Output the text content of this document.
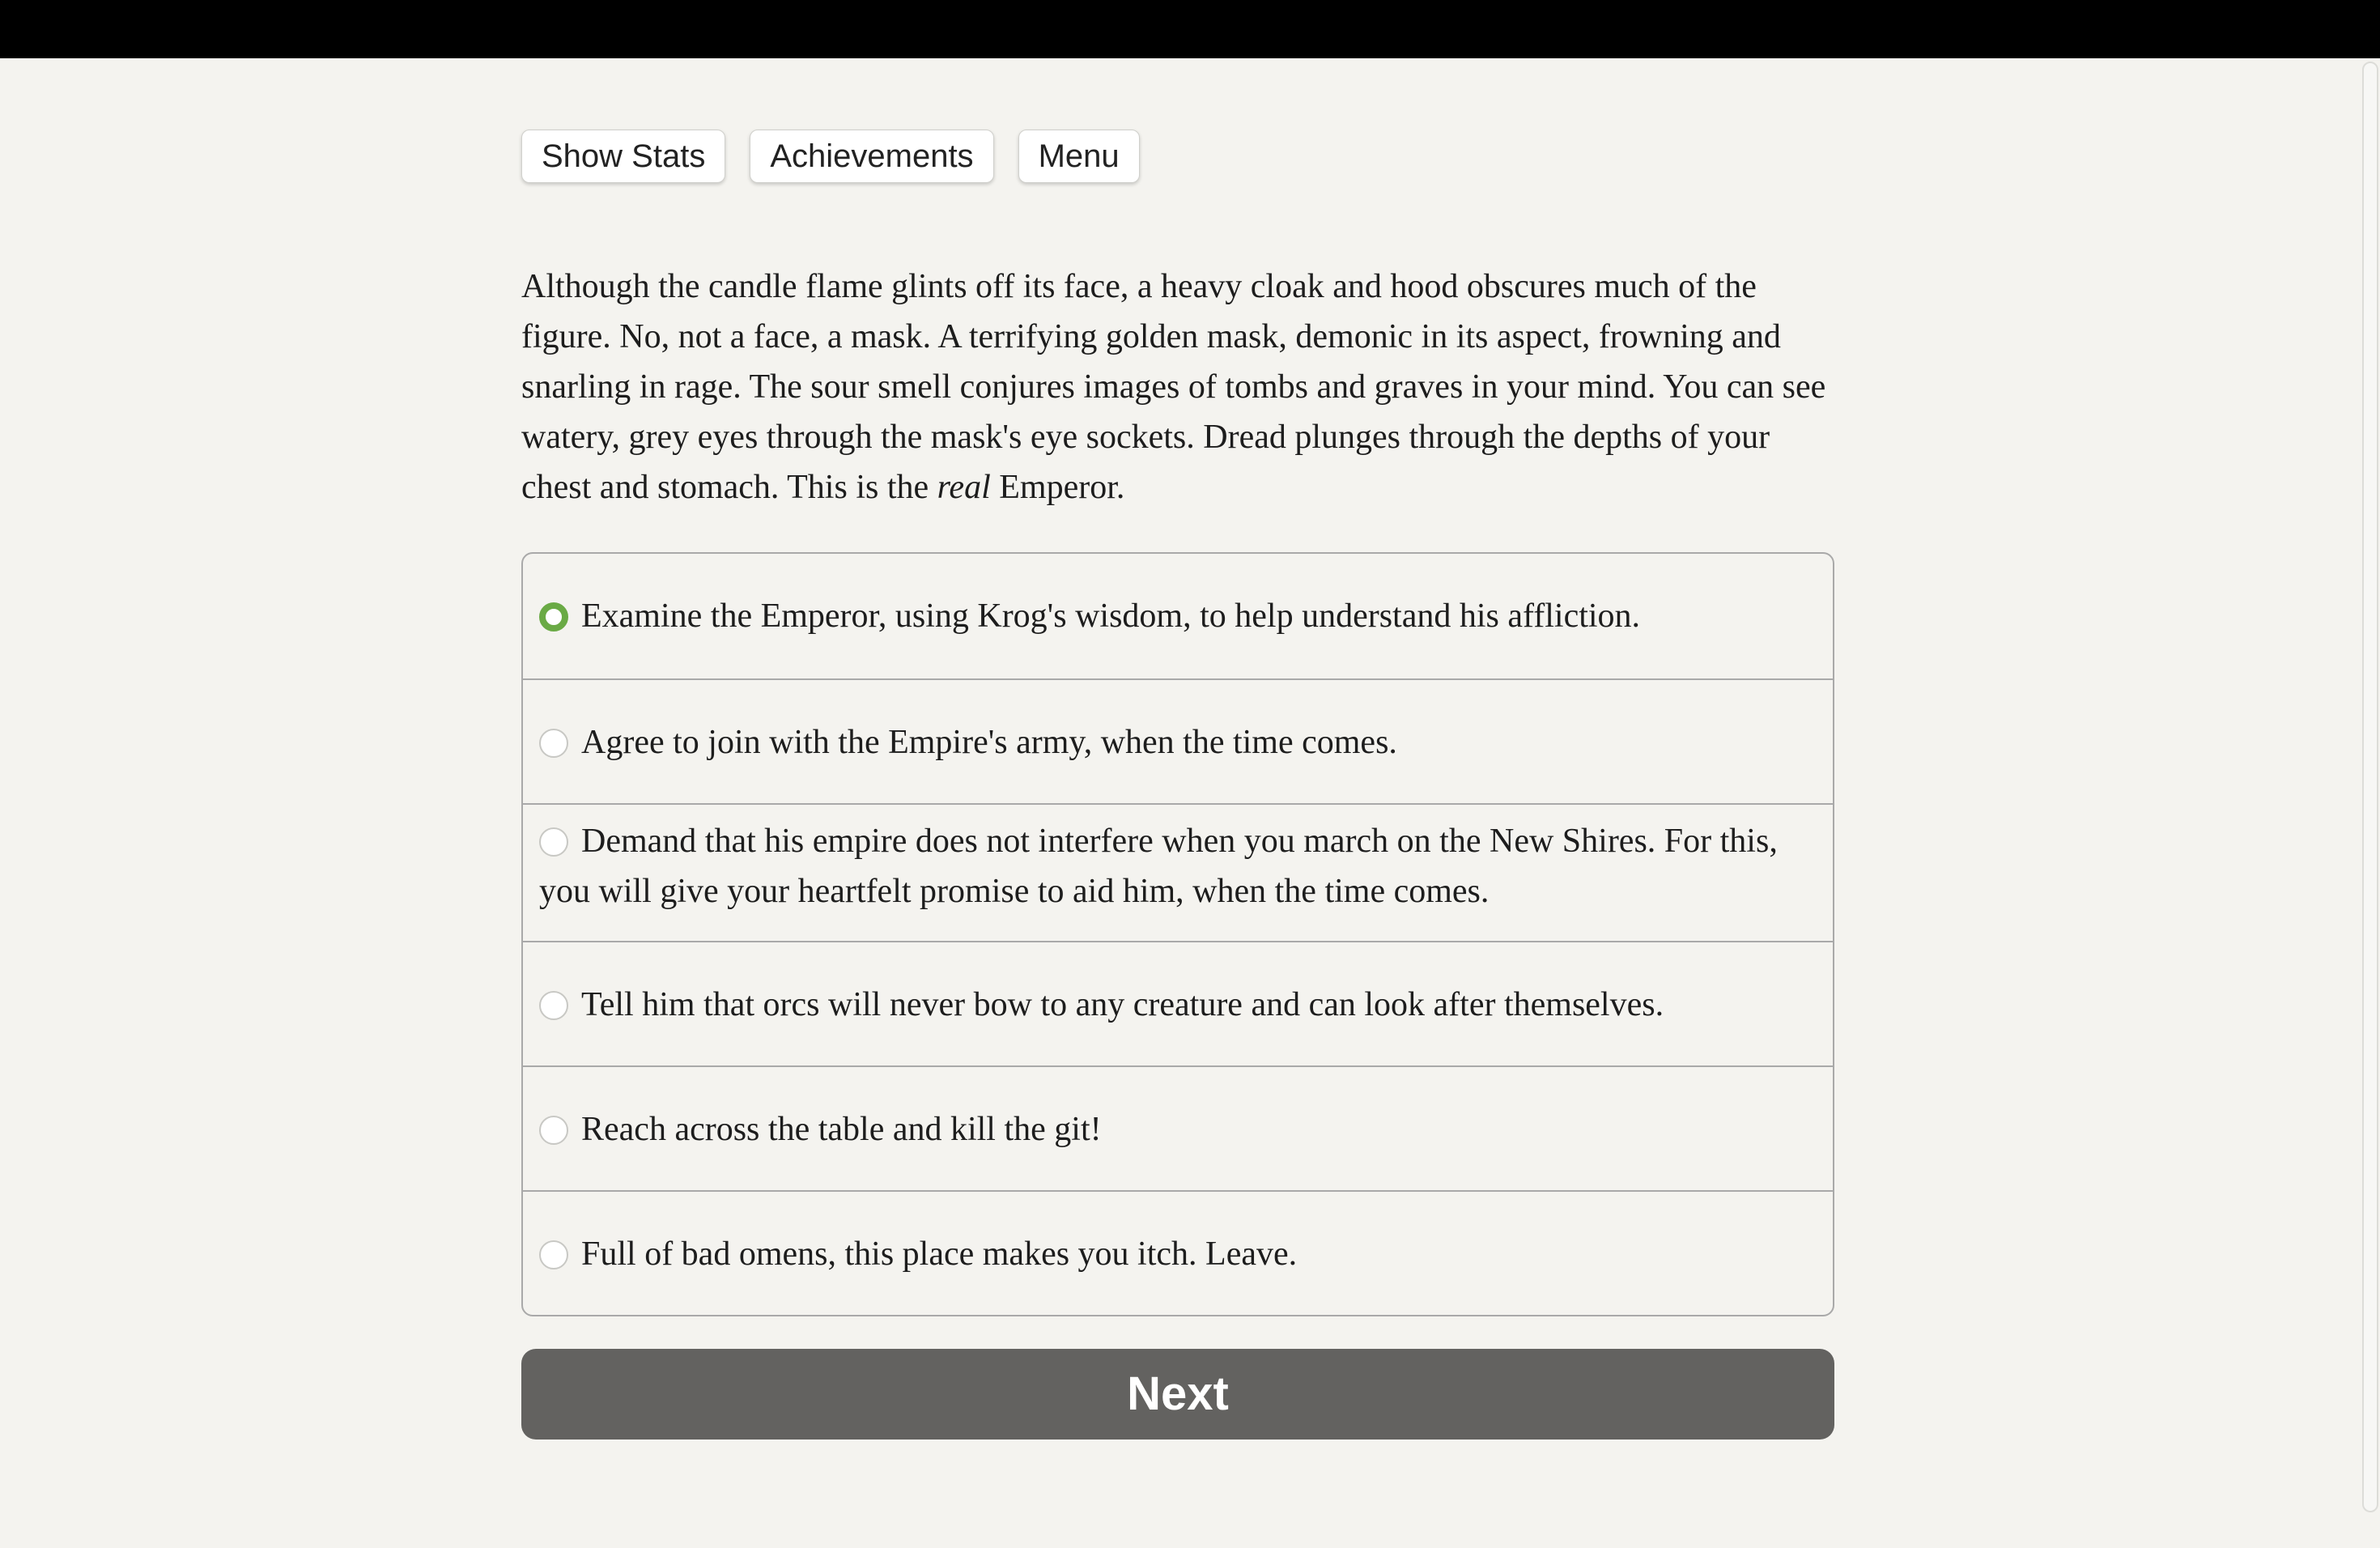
Show Stats	Achievements	Menu

Although the candle flame glints off its face, a heavy cloak and hood obscures much of the figure. No, not a face, a mask. A terrifying golden mask, demonic in its aspect, frowning and snarling in rage. The sour smell conjures images of tombs and graves in your mind. You can see watery, grey eyes through the mask's eye sockets. Dread plunges through the depths of your chest and stomach. This is the real Emperor.

Examine the Emperor, using Krog's wisdom, to help understand his affliction.
Agree to join with the Empire's army, when the time comes.
Demand that his empire does not interfere when you march on the New Shires. For this, you will give your heartfelt promise to aid him, when the time comes.
Tell him that orcs will never bow to any creature and can look after themselves.
Reach across the table and kill the git!
Full of bad omens, this place makes you itch. Leave.
Next
